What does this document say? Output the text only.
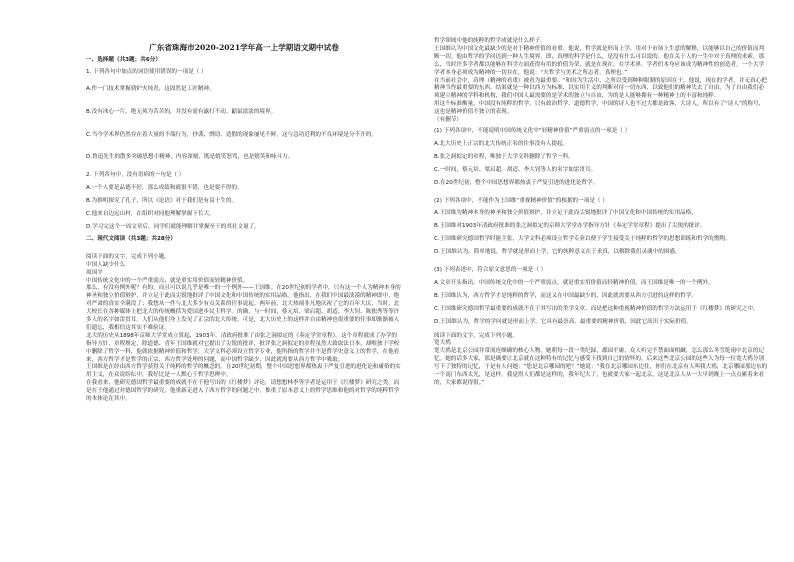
广东省珠海市2020-2021学年高一上学期语文期中试卷
一、选择题（共3题；共6分）

1. 下列各句中加点的词语使用错误的一项是（ ）

A.作一门技术掌握到炉火纯青，这固然是工匠精神。

B.没有冰心一片，绝无须为苦苦的，并没有需有露打不动、鼯鼠淡淡的境界。

C.当今学术界仍然存在着大量的不端行为，抄袭、剽窃、造假的现象屡见不鲜，这与急功近利的不良环境是分不开的。

D.鲁迅先生的散多突破思想小精神，内容深刻，既是嬉笑怒骂，也是嬉笑和咏斗力。

2. 下列各句中，没有语病的一句是（ ）

A.一个人要是品德不好，那么成绩和就很不错，也是要不得的。

B.为推明探究了孔子，所以《论语》对于我们是有益于生的。

C.他来自边远山村，在组织对同他理解掌握下长大。

D.学习完这个一周文章后，同学们就能理解并掌握至于的其社文量了。

二、现代文阅读（共3题；共28分）

阅读下面的文字，完成下列小题。

中国人缺少什么

周国平

中国传统文化中的一个严重弱点，就是重实用价值而轻精神价值。

那么，有没有例外呢？有的，而且可以说几乎是唯一的一个例外——王国维。在20世纪初的学者中，只有这一个人为精神本身的神圣和独立价值辩护，并立足于此而尖锐地批评了中国文化和中国传统的实用品格。他指出，在我们中国最淡漠的精神即中，绝对严肃的真实全满没了；我想从一件与北大多少有点关系的往事说起。两年前，北大热闹非凡地庆祝了它的百年大庆，当时，北大校长在各种媒体上把北大的传统概括为爱国进步民主科学。的确，与一时间，蔡元培、梁启超、胡适、李大钊、陈独秀等等许多人的名字如雷贯耳。人们从他们身上发见了正宗的北大传统。可是，北大历史上的这样并自由精神也很重要的往事却渐渐被人们遗忘，我相信这其实不难验证。

北大的历史从1898年京师大学堂成立算起，1903年，清政府批准了由张之洞拟定的《奏定学堂章程》。这个章程就成了办学的指导方针，章程规定，除道德、青年王国维就对它提出了尖锐的批评，批评张之洞拟定的章程虽然大致取法日本，却唯独于学校中删除了哲学一科，他就依据精神价值和哲学，大学文科必须设立哲学专业，他所指的哲学并不是哲学史意义上的哲学，在他看来，西方哲学才是哲学的正宗，西方哲学处理的问题，而中国哲学缺少，因此就需要从西方哲学中吸取。

王国维是在经由西方哲学获得关于纯粹的哲学的概念的。在20世纪初期，整个中国思想界都热衷于严复引进的进化论和庸俗的实用主义，在众说纷纭中，我好比是一人默心于哲学思辨中。

在我看来，他研究德国哲学最重要的成就不在于他写出的《红楼梦》评论，请想想林李等学者是运用于《红楼梦》研究之类，而是在于他通过对德国哲学的研究，他重新走进入了西方哲学的问题之中，推重了原本意义上的哲学思维和他的对哲学的纯粹哲学的本体论在其中。

哲学领域中他的纯粹的哲学成就是什么样子。

王国维认为中国文化最缺少的是对于精神价值的看重。他说，哲学就是形而上学，用对于市场上生意的解释，以能够以自己的价值而判断一切。他由哲学的学问达到一种人生境界，即，真理的科学是什么，是没有什么可以说的。他在关于人的一生中对于真理的求索，那么，当时许多学者都以能够在科学方面获得有用的价值为荣，就是在现在，在学术界，学者们本身应该成为精神性的创造者，一个大学学者本身必须成为精神的一切存在，他说：“夫哲学与美术之所志者，真理也。”

在当前社会中，真理（精神的看重）被看为最重要，“和因为生活中，之所以受到种种限制的原因在于，他说，现在的学者，并无真心把精神当作最重要的东西。结果就是一种以西方为标准，以实用主义的判断对待一切东西，以致他们的精神失去了自由，为了自由我们必须建立精神的学科和机构，我们中国人最需要的是学术的独立与自由，为的是人能够拥有一种精神上的丰富和纯粹。

用这个标准衡量，中国没有纯粹的哲学，只有政治哲学、道德哲学，中国的诗人也不过大都是政客、大诗人，所以有了“诗人”的称号，这也是精神价值不独立的表现。

（有删节）

(1) 下列各项中，不能说明中国传统文化中“轻精神价值”严重弱点的一项是（ ）

A.北大历史上正宗的北大传统正名的往事没有人提起。

B.张之洞拟定的章程，唯独于大学文科删除了哲学一科。

C.一时间，蔡元培、梁启超、胡适、李大钊等人的名字如雷贯耳。

D.在20世纪初，整个中国思想界都热衷于严复引进的进化论哲学。

(2) 下列各项中，不能作为王国维“重视精神价值”的根据的一项是（ ）

A.王国维为精神本身的神圣和独立价值辩护，并立足于此而尖锐地批评了中国文化和中国传统的实用品格。

B.王国维对1903年清政府批准的张之洞拟定的京师大学堂办学指导方针《奏定学堂章程》提出了尖锐的批评。

C.王国维研究德国哲学时能主张，大学文科必须设立哲学专业以便于学生接受关于纯粹的哲学的思想训练和哲学的熏陶。

D.王国维认为，简单地说，哲学就是形而上学，它的纯粹意义在于求真，以解除我们灵魂中的困惑。

(3) 下列表述中，符合原文意思的一项是（ ）

A.文章开头指出，中国传统文化中的一个严重弱点，就是重实用价值而轻精神价值，而王国维是唯一的一个例外。

B.王国维认为，西方哲学才是纯粹的哲学，而这又在中国最缺少的，因此就需要从西方引进的这样的哲学。

C.王国维研究德国哲学最重要的成就不在于其写出的美学文章，而是把这种重视精神价值的哲学方法运用于《红楼梦》的研究之中。

D.王国维认为，哲学的学问就是形而上学，它具有最崇高、最重要的精神价值，因此它高出于实际价值。

阅读下面的文字，完成下列小题。

宽大鸦

宽大鸦是北京公园非常流连颇确的核心人物，她朝每一段一类纪録，郡园平庸，众人听完不禁面面相觑，怎么那么冬雪乾雨中北京的记忆。她的话多大家，那是确要让北京就在这种特有的记忆与感受下找到自己的情怀的，后来这些北京公园的这些人为每一位宽大鸦分别写下了独特的记忆，于是有人问她：“您是北京哪园的吧？”她说：“我在北京哪园东边住，你们在北京有人叫我大鸦，北京哪园那边东的一个南门东西太光，是这样，我觉得人们都是这样的，我年纪大了，也就要大家一起北京，这是北京人从一大早到晚上一点点累着来看的，大家都说得很。”
